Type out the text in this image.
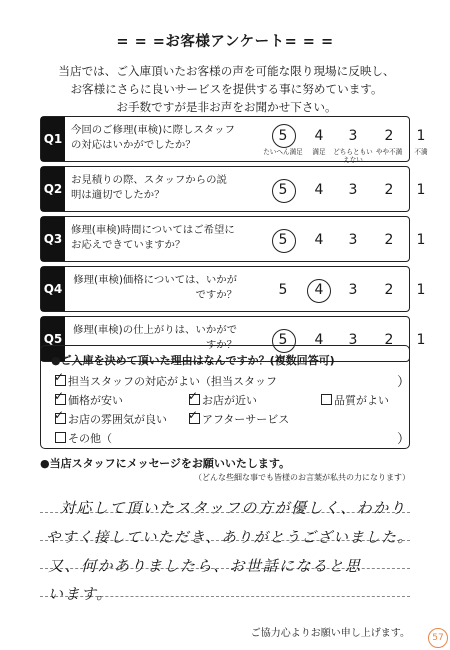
= = =お客様アンケート= = =
当店では、ご入庫頂いたお客様の声を可能な限り現場に反映し、
お客様にさらに良いサービスを提供する事に努めています。
お手数ですが是非お声をお聞かせ下さい。
Q1
今回のご修理(車検)に際しスタッフの対応はいかがでしたか？
5	4	3	2	1
たいへん満足	満足	どちらともいえない
やや不満	不満
Q2
お見積りの際、スタッフからの説明は適切でしたか？	5	4	3	2	1
Q3
修理(車検)時間についてはご希望にお応えできていますか？	5	4	3	2	1
Q4
修理(車検)価格については、いかがですか？	5	4	3	2	1
Q5
修理(車検)の仕上がりは、いかがですか？	5	4	3	2	1
●ご入庫を決めて頂いた理由はなんですか？(複数回答可)
✓ 担当スタッフの対応がよい（担当スタッフ	）
✓ 価格が安い	✓ お店が近い	品質がよい
✓ お店の雰囲気が良い ✓ アフターサービス
その他（	）
●当店スタッフにメッセージをお願いいたします。
（どんな些細な事でも皆様のお言葉が私共の力になります）
対応して頂いたスタッフの方が優しく、わかり
やすく接していただき、ありがとうございました。
又、何かありましたら、お世話になると思
います。
ご協力心よりお願い申し上げます。	57
